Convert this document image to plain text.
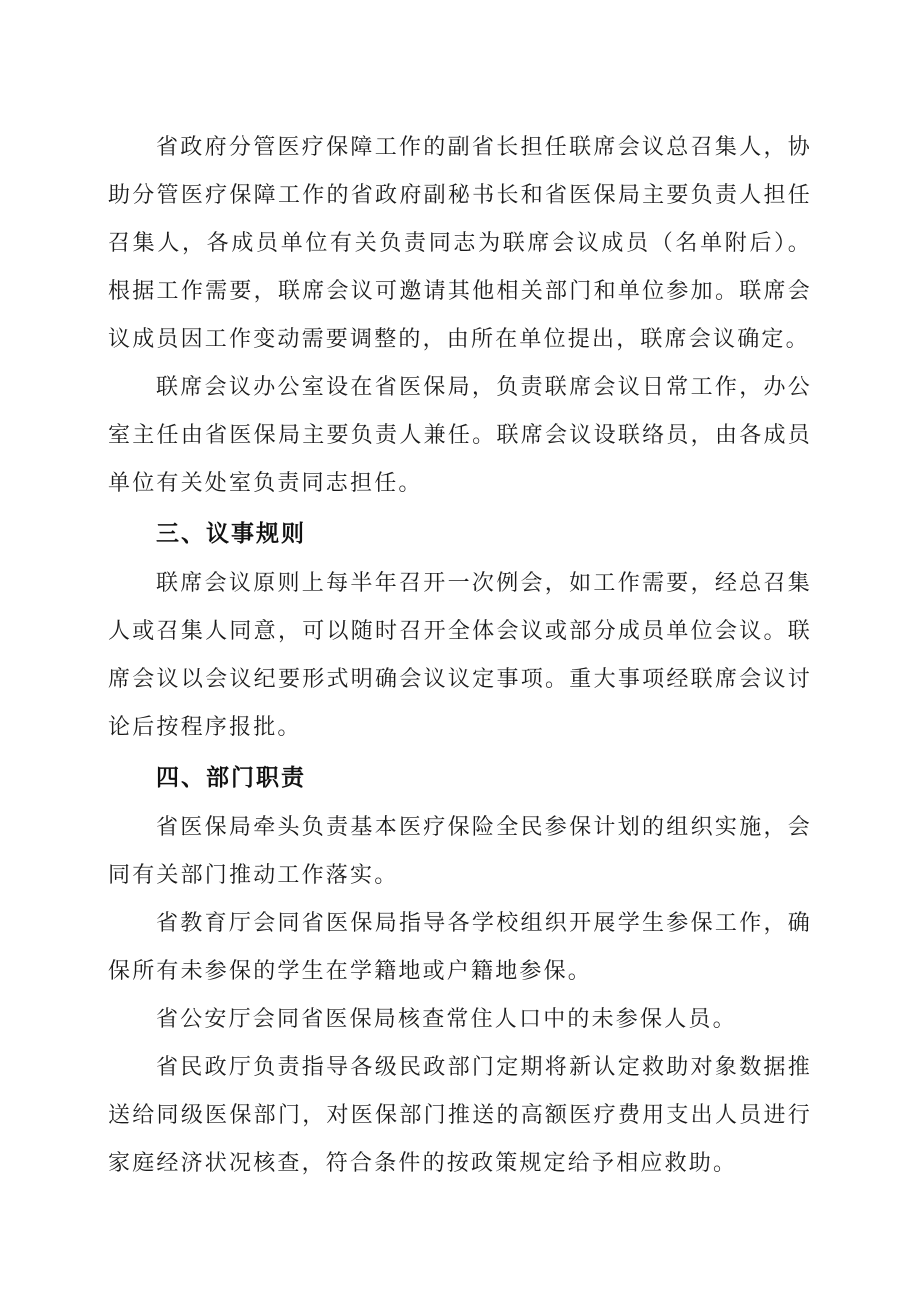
省政府分管医疗保障工作的副省长担任联席会议总召集人，协助分管医疗保障工作的省政府副秘书长和省医保局主要负责人担任召集人，各成员单位有关负责同志为联席会议成员（名单附后）。根据工作需要，联席会议可邀请其他相关部门和单位参加。联席会议成员因工作变动需要调整的，由所在单位提出，联席会议确定。

联席会议办公室设在省医保局，负责联席会议日常工作，办公室主任由省医保局主要负责人兼任。联席会议设联络员，由各成员单位有关处室负责同志担任。

三、议事规则

联席会议原则上每半年召开一次例会，如工作需要，经总召集人或召集人同意，可以随时召开全体会议或部分成员单位会议。联席会议以会议纪要形式明确会议议定事项。重大事项经联席会议讨论后按程序报批。

四、部门职责

省医保局牵头负责基本医疗保险全民参保计划的组织实施，会同有关部门推动工作落实。

省教育厅会同省医保局指导各学校组织开展学生参保工作，确保所有未参保的学生在学籍地或户籍地参保。

省公安厅会同省医保局核查常住人口中的未参保人员。

省民政厅负责指导各级民政部门定期将新认定救助对象数据推送给同级医保部门，对医保部门推送的高额医疗费用支出人员进行家庭经济状况核查，符合条件的按政策规定给予相应救助。
